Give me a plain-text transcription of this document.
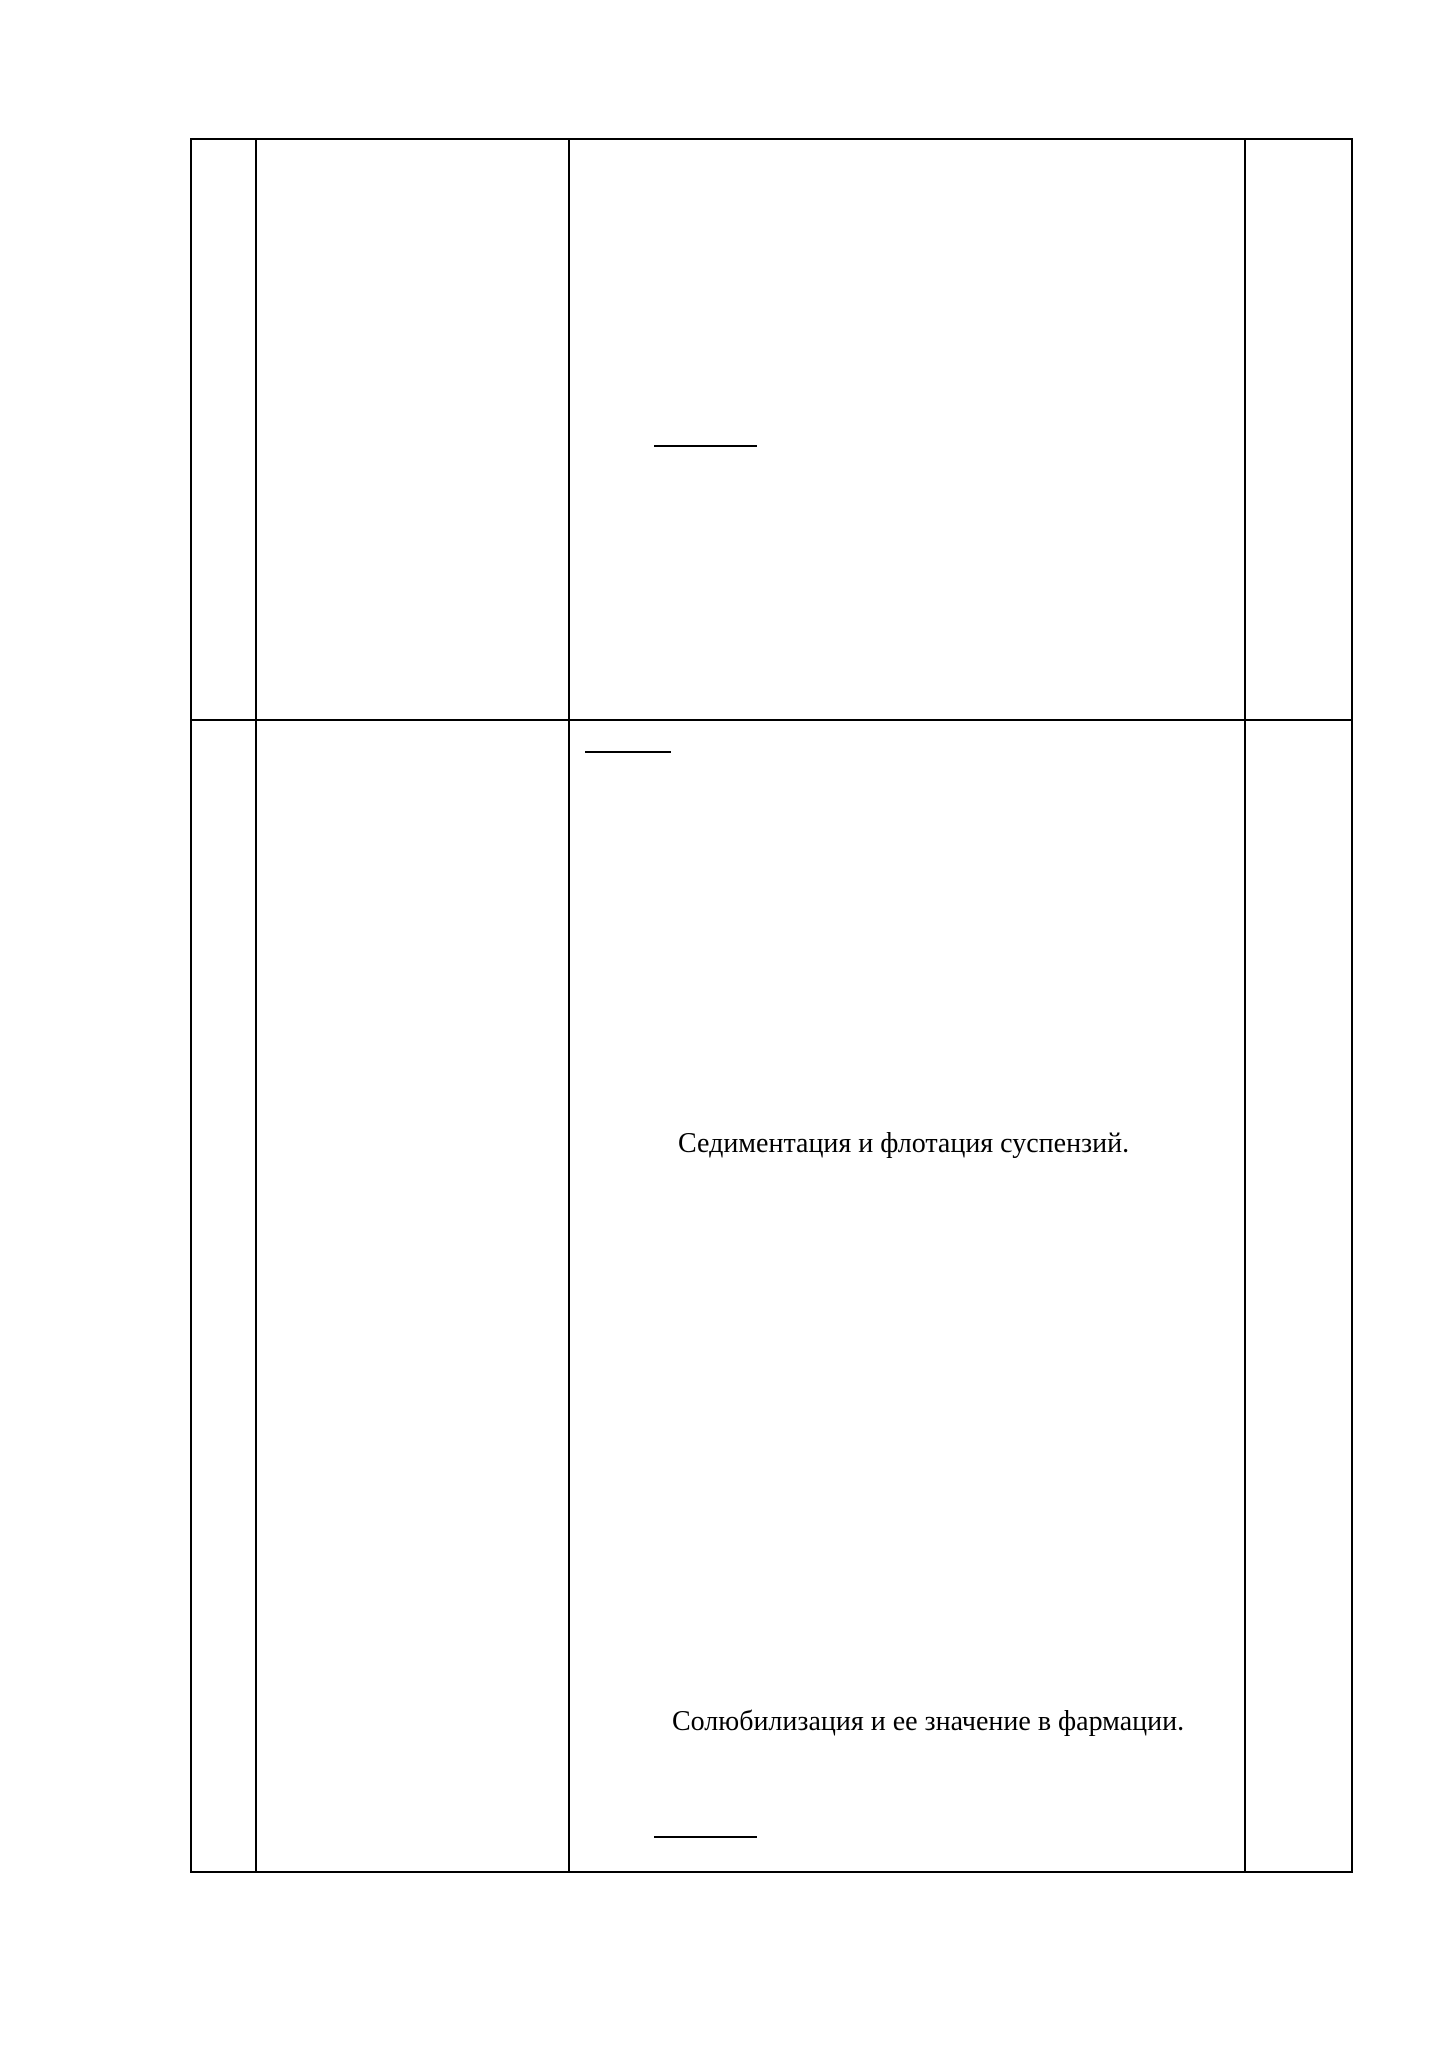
Седиментация и флотация суспензий.
Солюбилизация и ее значение в фармации.
